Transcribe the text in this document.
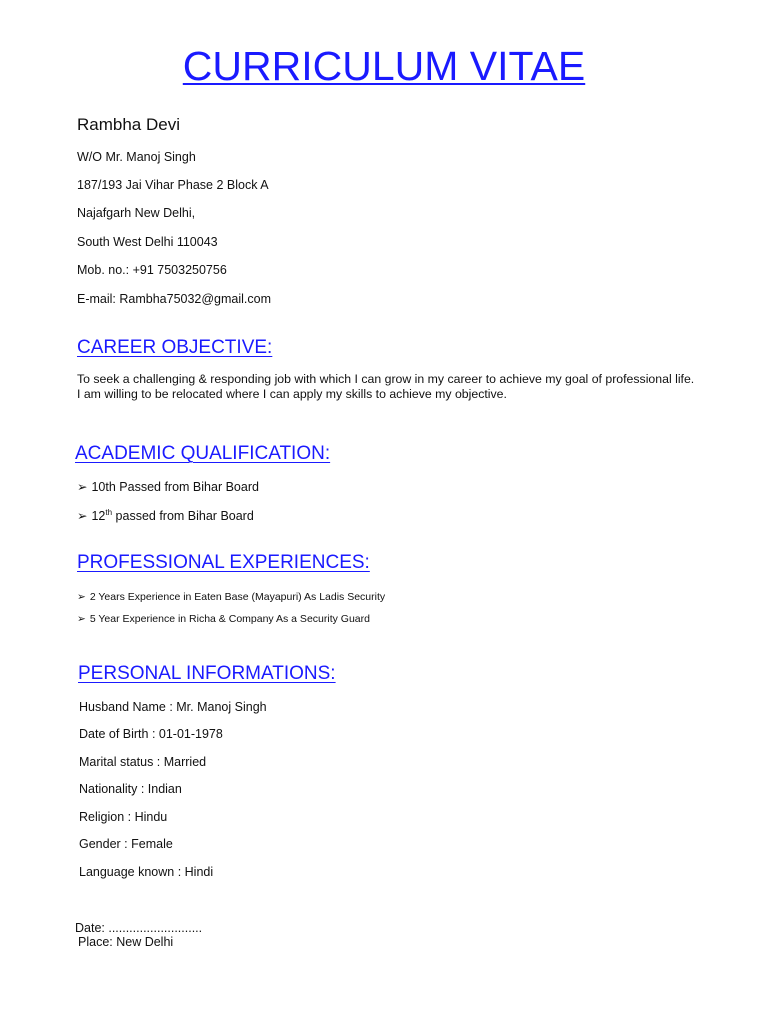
CURRICULUM VITAE
Rambha Devi
W/O Mr. Manoj Singh
187/193 Jai Vihar Phase 2 Block A
Najafgarh New Delhi,
South West Delhi 110043
Mob. no.: +91 7503250756
E-mail: Rambha75032@gmail.com
CAREER OBJECTIVE:
To seek a challenging & responding job with which I can grow in my career to achieve my goal of professional life. I am willing to be relocated where I can apply my skills to achieve my objective.
ACADEMIC QUALIFICATION:
➢ 10th Passed from Bihar Board
➢ 12th passed from Bihar Board
PROFESSIONAL EXPERIENCES:
➢ 2 Years Experience in Eaten Base (Mayapuri) As Ladis Security
➢ 5 Year Experience in Richa & Company As a Security Guard
PERSONAL INFORMATIONS:
Husband Name : Mr. Manoj Singh
Date of Birth : 01-01-1978
Marital status : Married
Nationality : Indian
Religion : Hindu
Gender : Female
Language known : Hindi
Date: ...........................
Place: New Delhi
